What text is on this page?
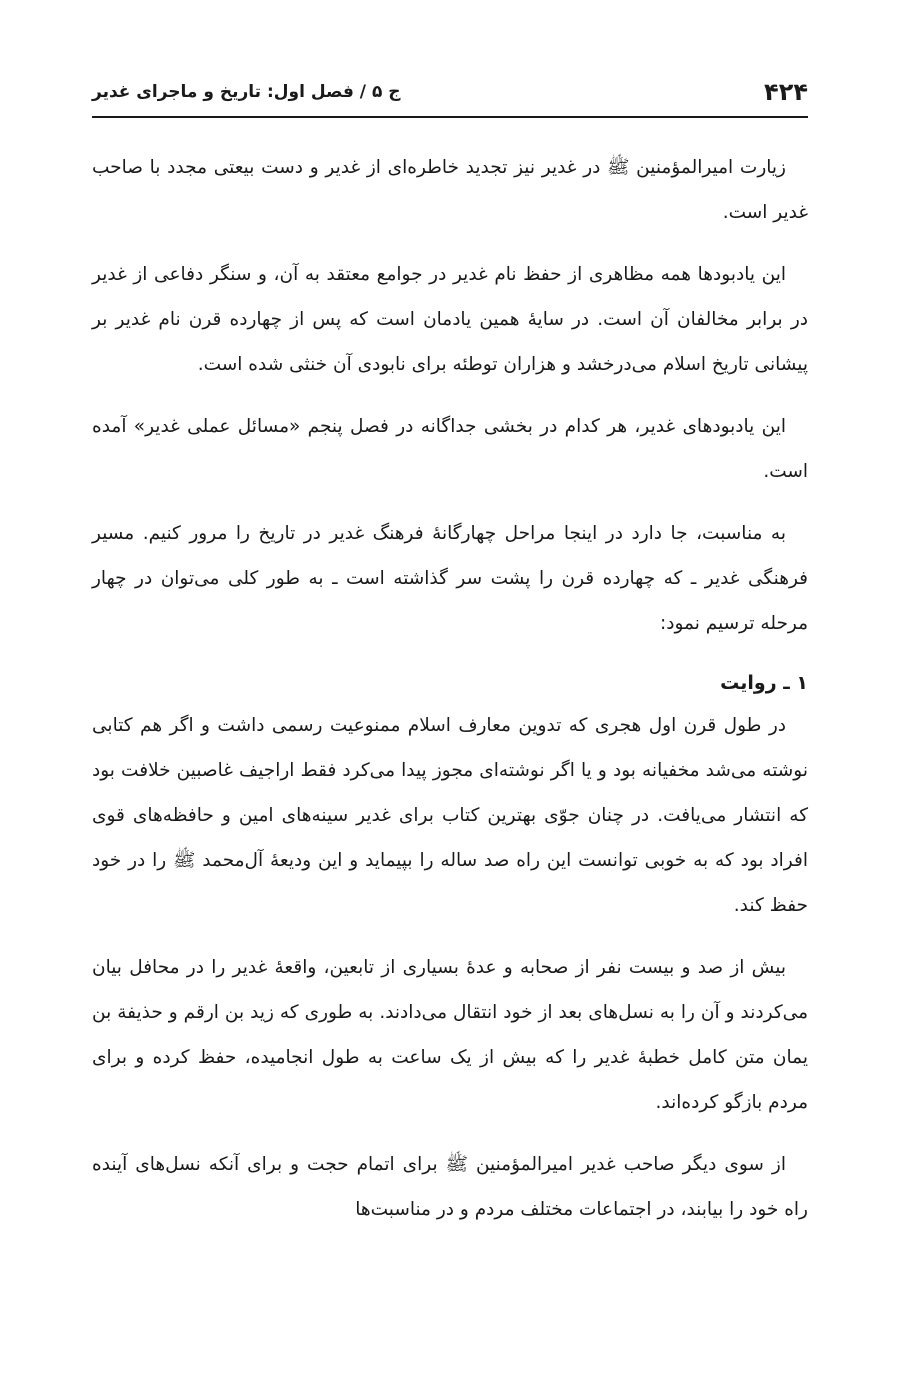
۴۲۴
ج ۵ / فصل اول: تاریخ و ماجرای غدیر

زیارت امیرالمؤمنین ﷺ در غدیر نیز تجدید خاطره‌ای از غدیر و دست بیعتی مجدد با صاحب غدیر است.

این یادبودها همه مظاهری از حفظ نام غدیر در جوامع معتقد به آن، و سنگر دفاعی از غدیر در برابر مخالفان آن است. در سایهٔ همین یادمان است که پس از چهارده قرن نام غدیر بر پیشانی تاریخ اسلام می‌درخشد و هزاران توطئه برای نابودی آن خنثی شده است.

این یادبودهای غدیر، هر کدام در بخشی جداگانه در فصل پنجم «مسائل عملی غدیر» آمده است.

به مناسبت، جا دارد در اینجا مراحل چهارگانهٔ فرهنگ غدیر در تاریخ را مرور کنیم. مسیر فرهنگی غدیر ـ که چهارده قرن را پشت سر گذاشته است ـ به طور کلی می‌توان در چهار مرحله ترسیم نمود:

۱ ـ روایت

در طول قرن اول هجری که تدوین معارف اسلام ممنوعیت رسمی داشت و اگر هم کتابی نوشته می‌شد مخفیانه بود و یا اگر نوشته‌ای مجوز پیدا می‌کرد فقط اراجیف غاصبین خلافت بود که انتشار می‌یافت. در چنان جوّی بهترین کتاب برای غدیر سینه‌های امین و حافظه‌های قوی افراد بود که به خوبی توانست این راه صد ساله را بپیماید و این ودیعهٔ آل‌محمد ﷺ را در خود حفظ کند.

بیش از صد و بیست نفر از صحابه و عدهٔ بسیاری از تابعین، واقعهٔ غدیر را در محافل بیان می‌کردند و آن را به نسل‌های بعد از خود انتقال می‌دادند. به طوری که زید بن ارقم و حذیفة بن یمان متن کامل خطبهٔ غدیر را که بیش از یک ساعت به طول انجامیده، حفظ کرده و برای مردم بازگو کرده‌اند.

از سوی دیگر صاحب غدیر امیرالمؤمنین ﷺ برای اتمام حجت و برای آنکه نسل‌های آینده راه خود را بیابند، در اجتماعات مختلف مردم و در مناسبت‌ها
